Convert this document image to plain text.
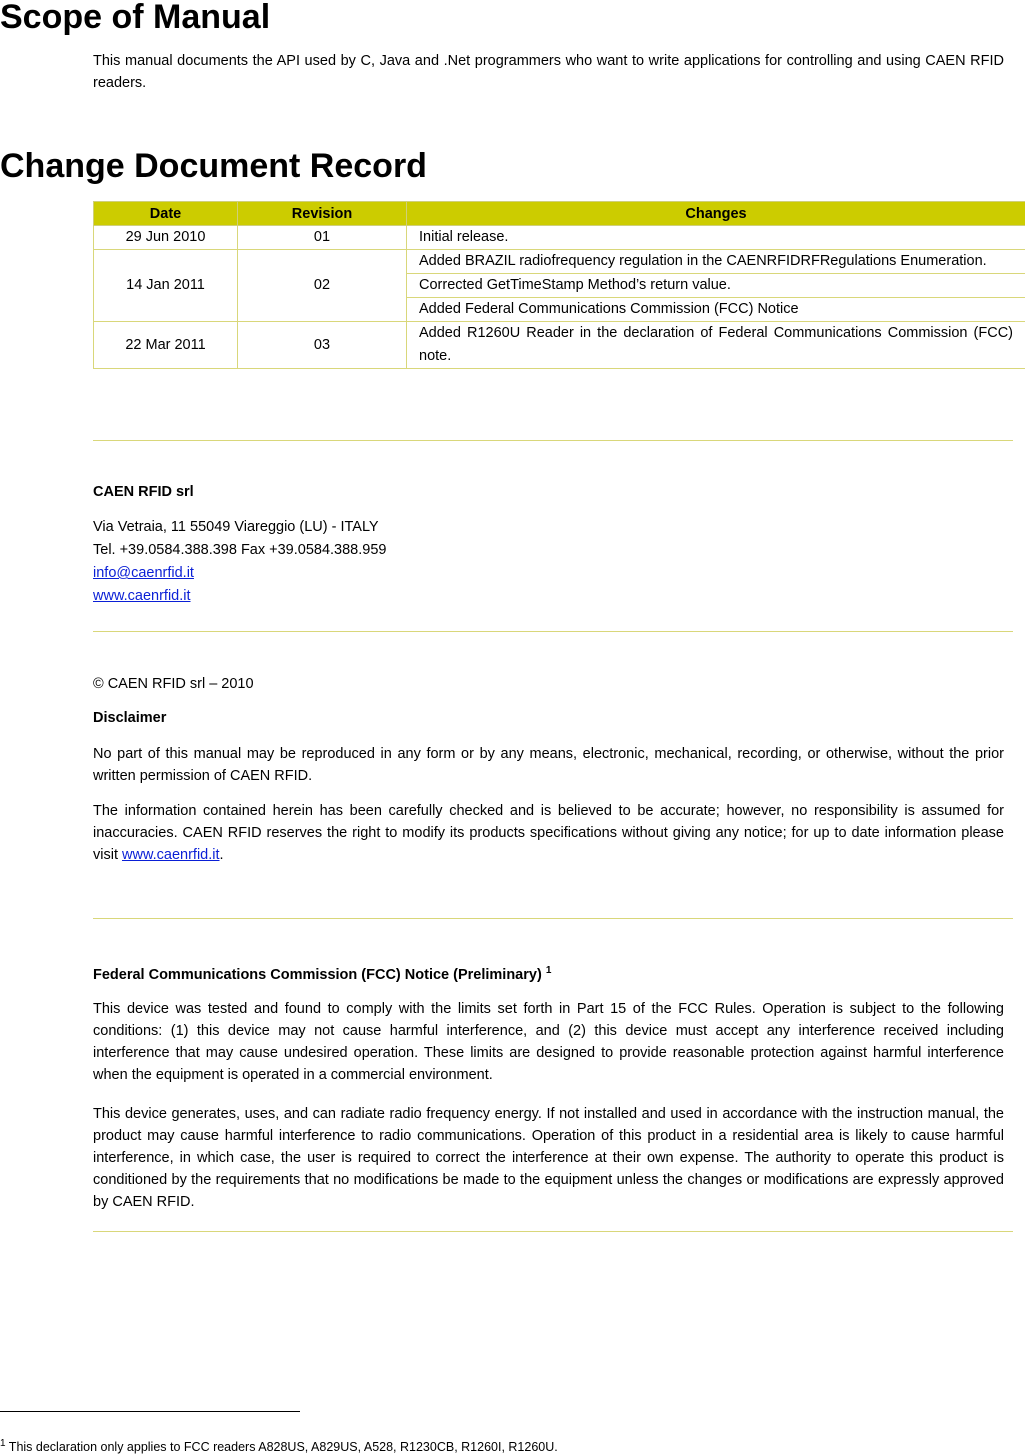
Scope of Manual

This manual documents the API used by C, Java and .Net programmers who want to write applications for controlling and using CAEN RFID readers.

Change Document Record
Date	Revision	Changes
29 Jun 2010	01	Initial release.
14 Jan 2011	02	Added BRAZIL radiofrequency regulation in the CAENRFIDRFRegulations Enumeration.
		Corrected GetTimeStamp Method’s return value.
		Added Federal Communications Commission (FCC) Notice
22 Mar 2011	03	Added R1260U Reader in the declaration of Federal Communications Commission (FCC) note.

CAEN RFID srl

Via Vetraia, 11 55049 Viareggio (LU) - ITALY

Tel. +39.0584.388.398 Fax +39.0584.388.959

info@caenrfid.it

www.caenrfid.it

© CAEN RFID srl – 2010

Disclaimer

No part of this manual may be reproduced in any form or by any means, electronic, mechanical, recording, or otherwise, without the prior written permission of CAEN RFID.

The information contained herein has been carefully checked and is believed to be accurate; however, no responsibility is assumed for inaccuracies. CAEN RFID reserves the right to modify its products specifications without giving any notice; for up to date information please visit www.caenrfid.it.

Federal Communications Commission (FCC) Notice (Preliminary) $^1$

This device was tested and found to comply with the limits set forth in Part 15 of the FCC Rules. Operation is subject to the following conditions: (1) this device may not cause harmful interference, and (2) this device must accept any interference received including interference that may cause undesired operation. These limits are designed to provide reasonable protection against harmful interference when the equipment is operated in a commercial environment.

This device generates, uses, and can radiate radio frequency energy. If not installed and used in accordance with the instruction manual, the product may cause harmful interference to radio communications. Operation of this product in a residential area is likely to cause harmful interference, in which case, the user is required to correct the interference at their own expense. The authority to operate this product is conditioned by the requirements that no modifications be made to the equipment unless the changes or modifications are expressly approved by CAEN RFID.

$^1$ This declaration only applies to FCC readers A828US, A829US, A528, R1230CB, R1260I, R1260U.
